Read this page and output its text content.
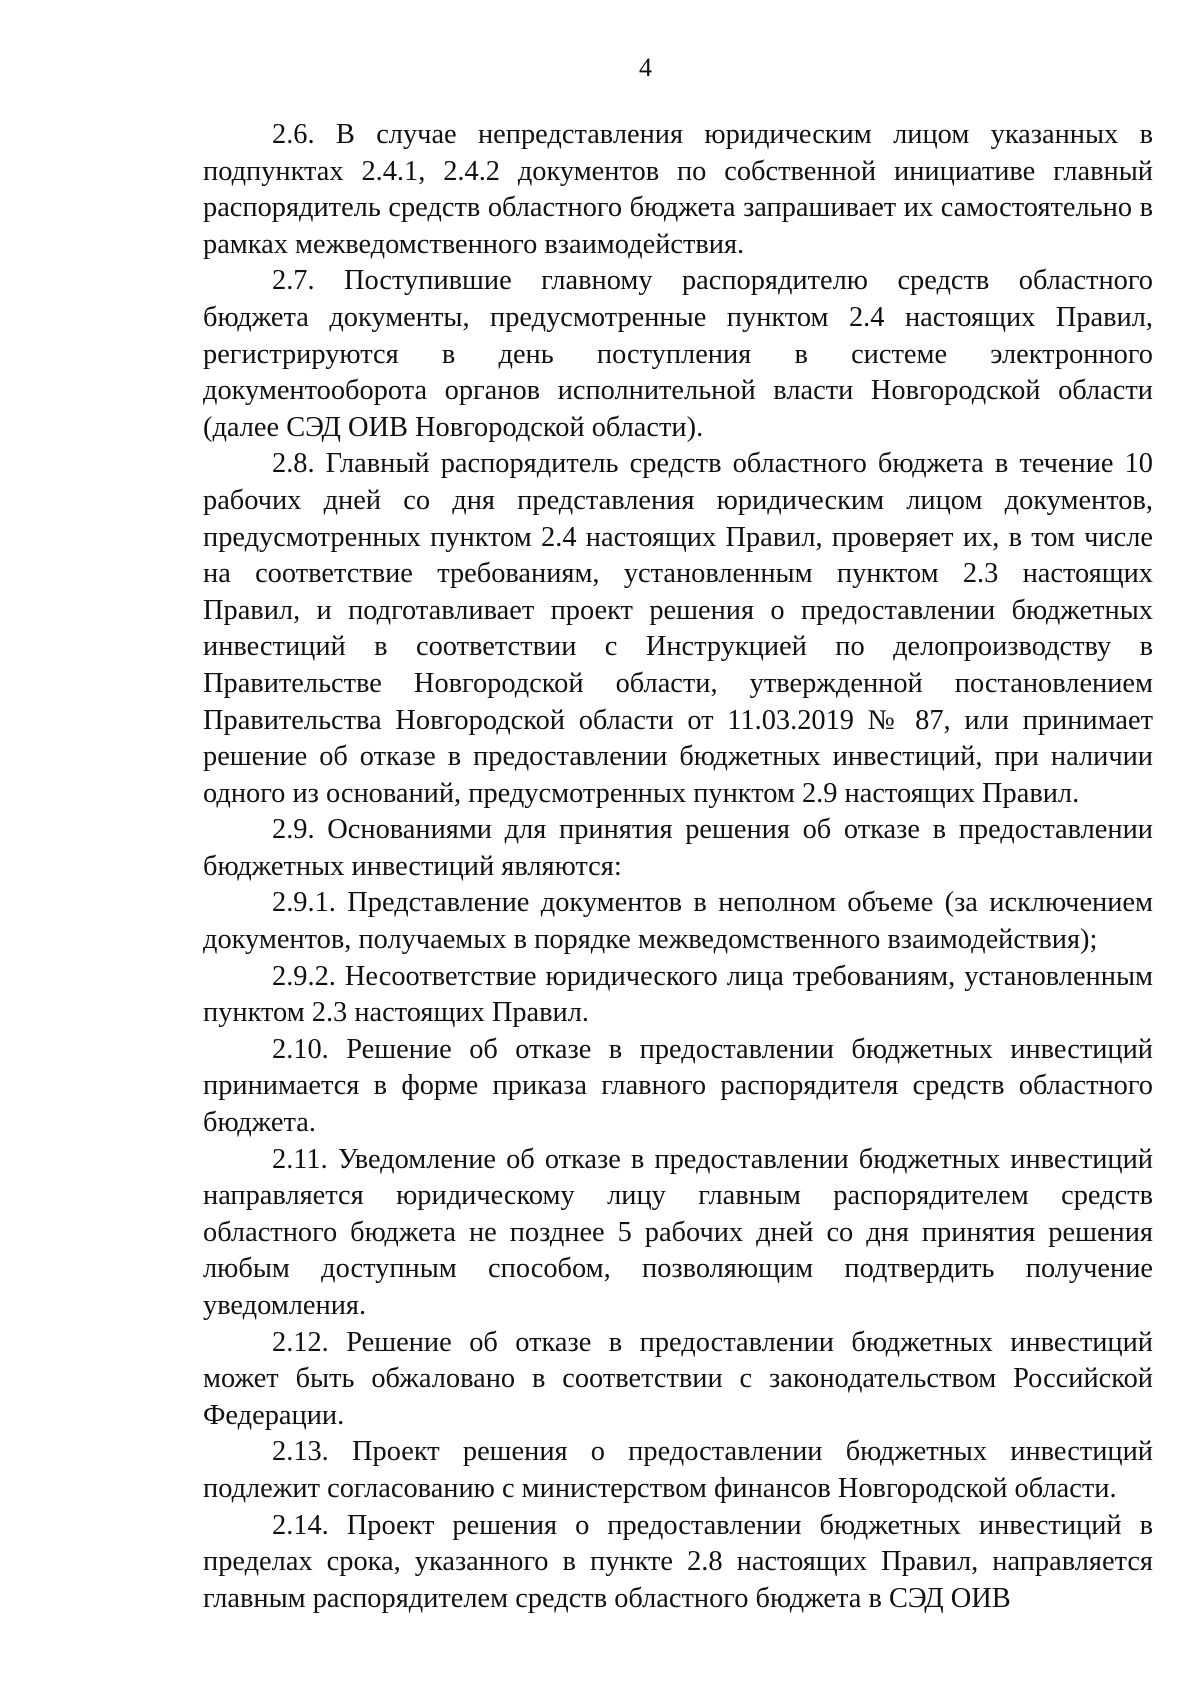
4

2.6. В случае непредставления юридическим лицом указанных в подпунктах 2.4.1, 2.4.2 документов по собственной инициативе главный распорядитель средств областного бюджета запрашивает их самостоятельно в рамках межведомственного взаимодействия.

2.7. Поступившие главному распорядителю средств областного бюджета документы, предусмотренные пунктом 2.4 настоящих Правил, регистрируются в день поступления в системе электронного документооборота органов исполнительной власти Новгородской области (далее СЭД ОИВ Новгородской области).

2.8. Главный распорядитель средств областного бюджета в течение 10 рабочих дней со дня представления юридическим лицом документов, предусмотренных пунктом 2.4 настоящих Правил, проверяет их, в том числе на соответствие требованиям, установленным пунктом 2.3 настоящих Правил, и подготавливает проект решения о предоставлении бюджетных инвестиций в соответствии с Инструкцией по делопроизводству в Правительстве Новгородской области, утвержденной постановлением Правительства Новгородской области от 11.03.2019 № 87, или принимает решение об отказе в предоставлении бюджетных инвестиций, при наличии одного из оснований, предусмотренных пунктом 2.9 настоящих Правил.

2.9. Основаниями для принятия решения об отказе в предоставлении бюджетных инвестиций являются:

2.9.1. Представление документов в неполном объеме (за исключением документов, получаемых в порядке межведомственного взаимодействия);

2.9.2. Несоответствие юридического лица требованиям, установленным пунктом 2.3 настоящих Правил.

2.10. Решение об отказе в предоставлении бюджетных инвестиций принимается в форме приказа главного распорядителя средств областного бюджета.

2.11. Уведомление об отказе в предоставлении бюджетных инвестиций направляется юридическому лицу главным распорядителем средств областного бюджета не позднее 5 рабочих дней со дня принятия решения любым доступным способом, позволяющим подтвердить получение уведомления.

2.12. Решение об отказе в предоставлении бюджетных инвестиций может быть обжаловано в соответствии с законодательством Российской Федерации.

2.13. Проект решения о предоставлении бюджетных инвестиций подлежит согласованию с министерством финансов Новгородской области.

2.14. Проект решения о предоставлении бюджетных инвестиций в пределах срока, указанного в пункте 2.8 настоящих Правил, направляется главным распорядителем средств областного бюджета в СЭД ОИВ
